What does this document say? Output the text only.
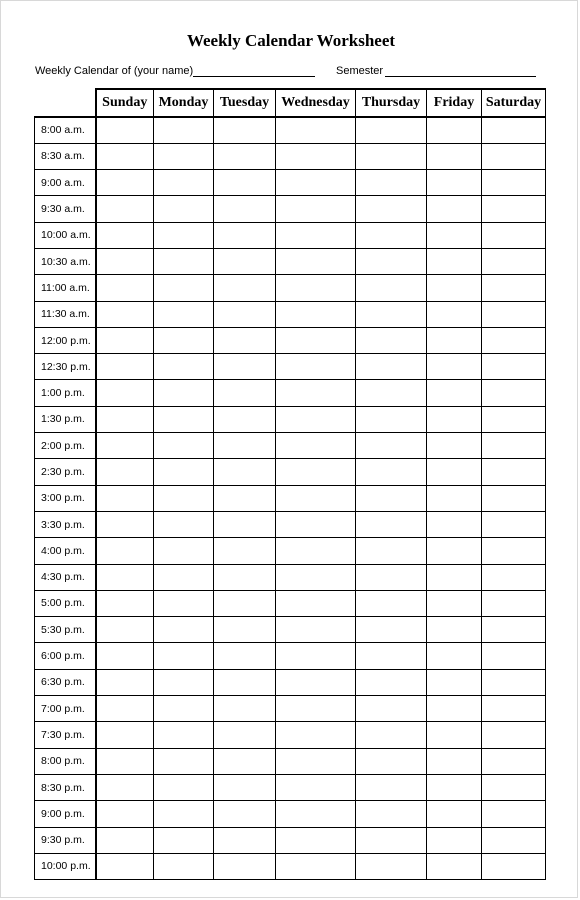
Weekly Calendar Worksheet
Weekly Calendar of (your name)	Semester
	Sunday	Monday	Tuesday	Wednesday	Thursday	Friday	Saturday
8:00 a.m.							
8:30 a.m.							
9:00 a.m.							
9:30 a.m.							
10:00 a.m.							
10:30 a.m.							
11:00 a.m.							
11:30 a.m.							
12:00 p.m.							
12:30 p.m.							
1:00 p.m.							
1:30 p.m.							
2:00 p.m.							
2:30 p.m.							
3:00 p.m.							
3:30 p.m.							
4:00 p.m.							
4:30 p.m.							
5:00 p.m.							
5:30 p.m.							
6:00 p.m.							
6:30 p.m.							
7:00 p.m.							
7:30 p.m.							
8:00 p.m.							
8:30 p.m.							
9:00 p.m.							
9:30 p.m.							
10:00 p.m.							
